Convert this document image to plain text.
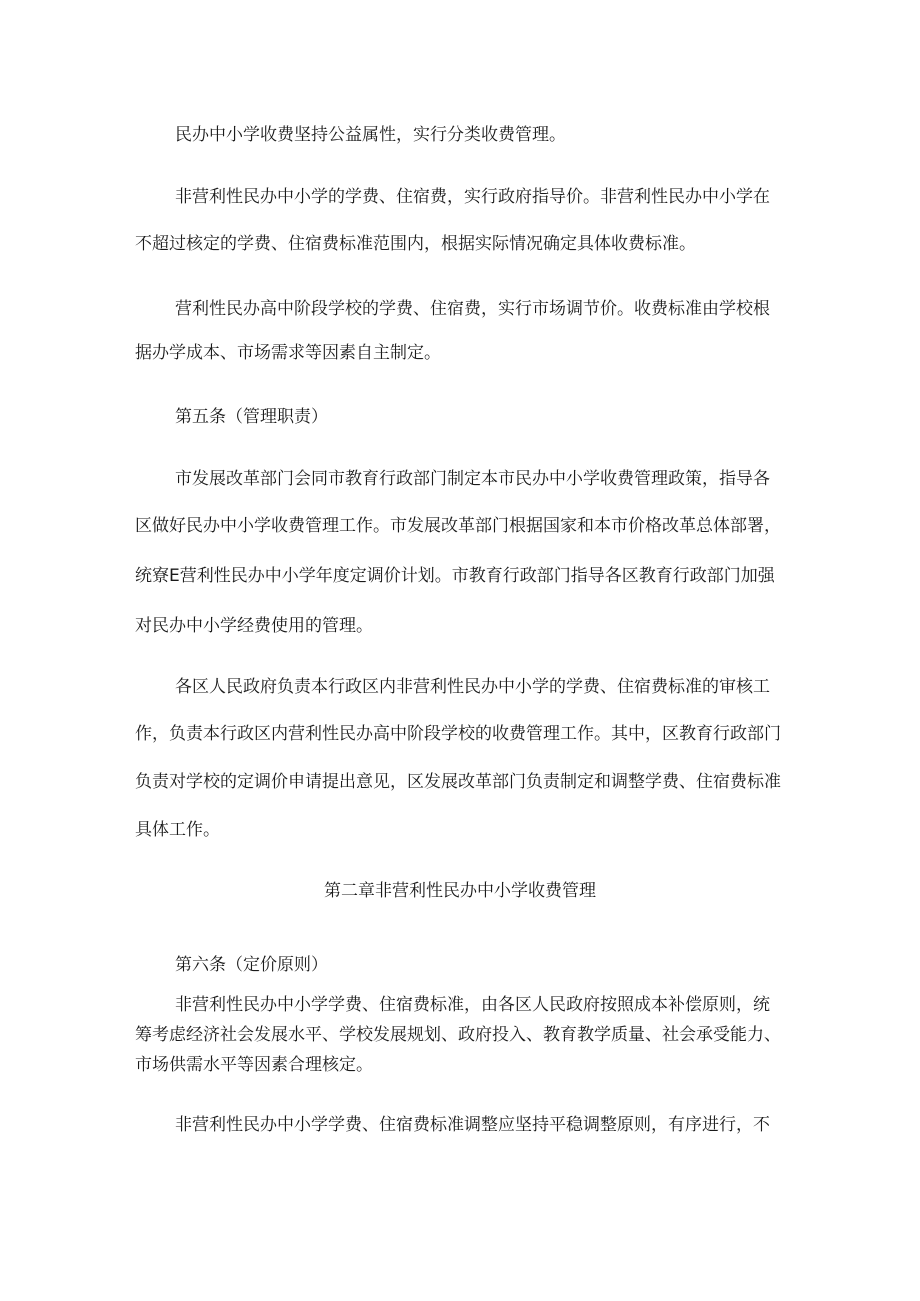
民办中小学收费坚持公益属性，实行分类收费管理。
非营利性民办中小学的学费、住宿费，实行政府指导价。非营利性民办中小学在
不超过核定的学费、住宿费标准范围内，根据实际情况确定具体收费标准。
营利性民办高中阶段学校的学费、住宿费，实行市场调节价。收费标准由学校根
据办学成本、市场需求等因素自主制定。
第五条（管理职责）
市发展改革部门会同市教育行政部门制定本市民办中小学收费管理政策，指导各
区做好民办中小学收费管理工作。市发展改革部门根据国家和本市价格改革总体部署，
统寮E营利性民办中小学年度定调价计划。市教育行政部门指导各区教育行政部门加强
对民办中小学经费使用的管理。
各区人民政府负责本行政区内非营利性民办中小学的学费、住宿费标准的审核工
作，负责本行政区内营利性民办高中阶段学校的收费管理工作。其中，区教育行政部门
负责对学校的定调价申请提出意见，区发展改革部门负责制定和调整学费、住宿费标准
具体工作。
第二章非营利性民办中小学收费管理
第六条（定价原则）
非营利性民办中小学学费、住宿费标准，由各区人民政府按照成本补偿原则，统
筹考虑经济社会发展水平、学校发展规划、政府投入、教育教学质量、社会承受能力、
市场供需水平等因素合理核定。
非营利性民办中小学学费、住宿费标准调整应坚持平稳调整原则，有序进行，不
